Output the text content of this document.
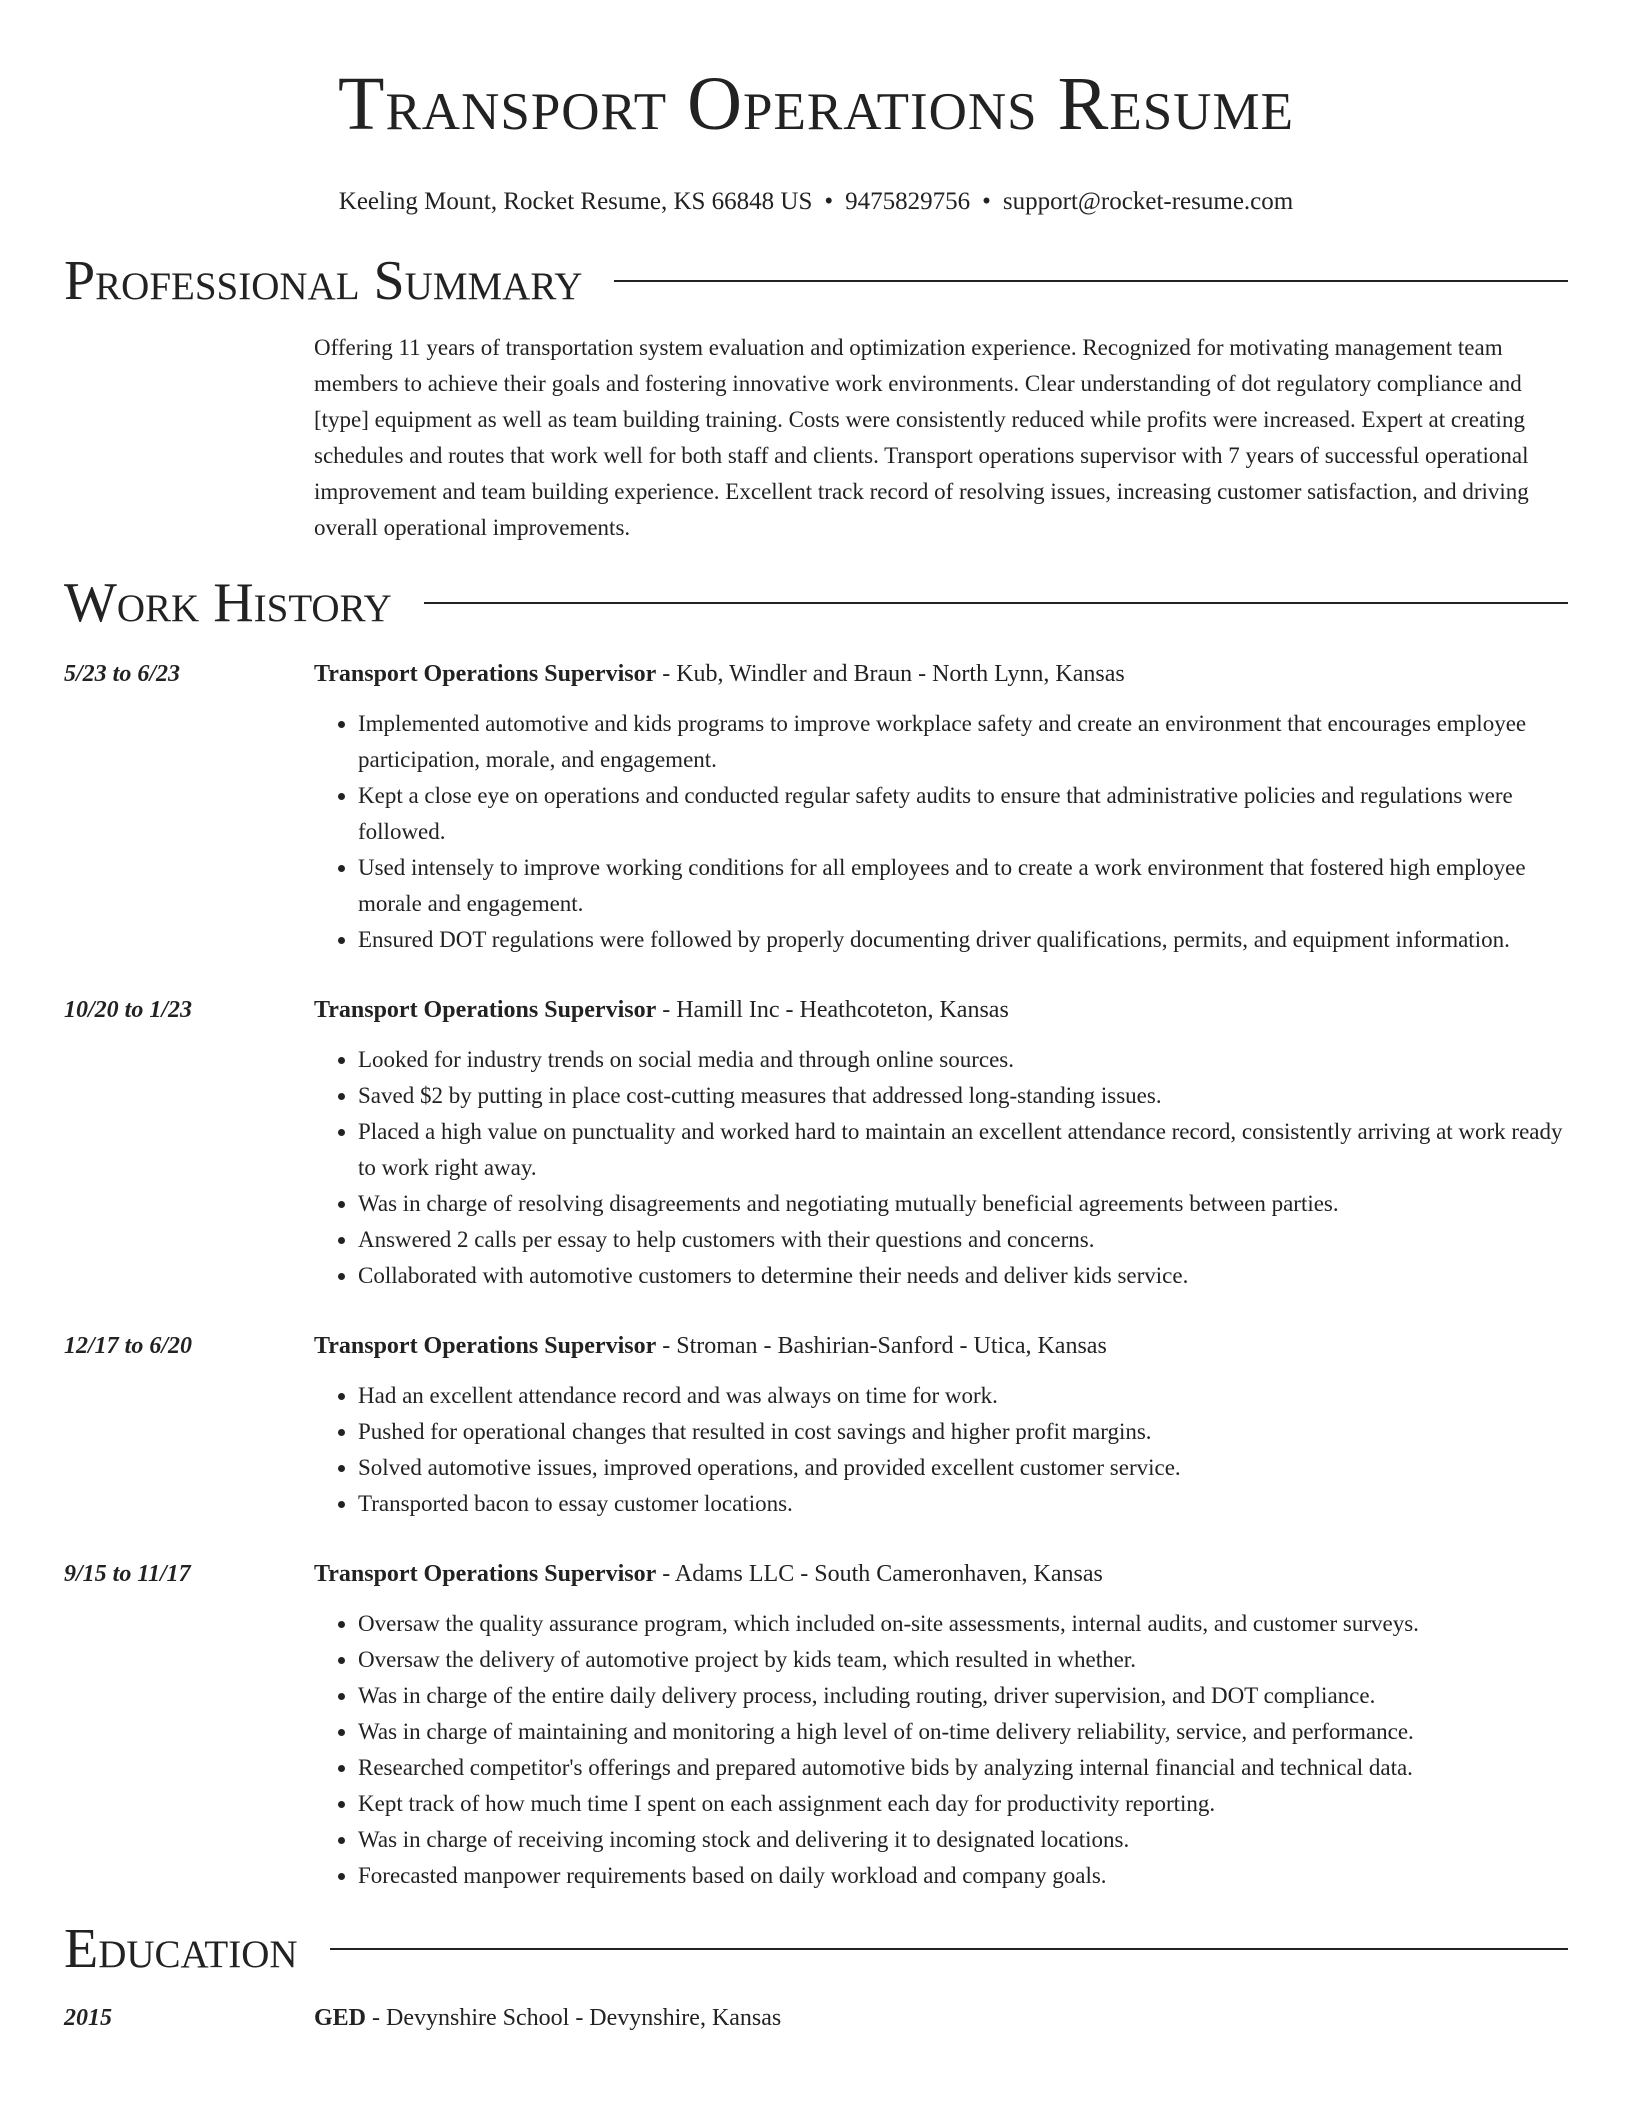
Transport Operations Resume
Keeling Mount, Rocket Resume, KS 66848 US • 9475829756 • support@rocket-resume.com
Professional Summary
Offering 11 years of transportation system evaluation and optimization experience. Recognized for motivating management team members to achieve their goals and fostering innovative work environments. Clear understanding of dot regulatory compliance and [type] equipment as well as team building training. Costs were consistently reduced while profits were increased. Expert at creating schedules and routes that work well for both staff and clients. Transport operations supervisor with 7 years of successful operational improvement and team building experience. Excellent track record of resolving issues, increasing customer satisfaction, and driving overall operational improvements.
Work History
5/23 to 6/23	Transport Operations Supervisor - Kub, Windler and Braun - North Lynn, Kansas
• Implemented automotive and kids programs to improve workplace safety and create an environment that encourages employee participation, morale, and engagement.
• Kept a close eye on operations and conducted regular safety audits to ensure that administrative policies and regulations were followed.
• Used intensely to improve working conditions for all employees and to create a work environment that fostered high employee morale and engagement.
• Ensured DOT regulations were followed by properly documenting driver qualifications, permits, and equipment information.
10/20 to 1/23	Transport Operations Supervisor - Hamill Inc - Heathcoteton, Kansas
• Looked for industry trends on social media and through online sources.
• Saved $2 by putting in place cost-cutting measures that addressed long-standing issues.
• Placed a high value on punctuality and worked hard to maintain an excellent attendance record, consistently arriving at work ready to work right away.
• Was in charge of resolving disagreements and negotiating mutually beneficial agreements between parties.
• Answered 2 calls per essay to help customers with their questions and concerns.
• Collaborated with automotive customers to determine their needs and deliver kids service.
12/17 to 6/20	Transport Operations Supervisor - Stroman - Bashirian-Sanford - Utica, Kansas
• Had an excellent attendance record and was always on time for work.
• Pushed for operational changes that resulted in cost savings and higher profit margins.
• Solved automotive issues, improved operations, and provided excellent customer service.
• Transported bacon to essay customer locations.
9/15 to 11/17	Transport Operations Supervisor - Adams LLC - South Cameronhaven, Kansas
• Oversaw the quality assurance program, which included on-site assessments, internal audits, and customer surveys.
• Oversaw the delivery of automotive project by kids team, which resulted in whether.
• Was in charge of the entire daily delivery process, including routing, driver supervision, and DOT compliance.
• Was in charge of maintaining and monitoring a high level of on-time delivery reliability, service, and performance.
• Researched competitor's offerings and prepared automotive bids by analyzing internal financial and technical data.
• Kept track of how much time I spent on each assignment each day for productivity reporting.
• Was in charge of receiving incoming stock and delivering it to designated locations.
• Forecasted manpower requirements based on daily workload and company goals.
Education
2015	GED - Devynshire School - Devynshire, Kansas
